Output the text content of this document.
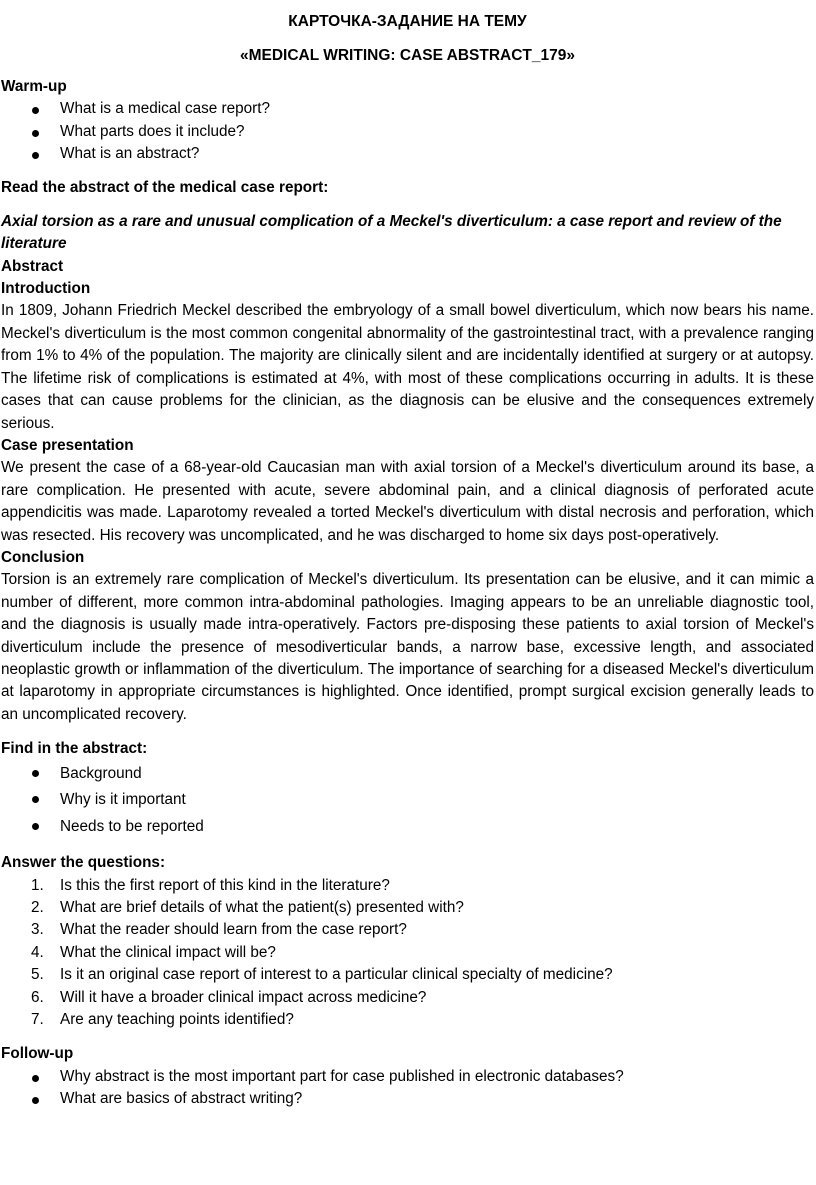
КАРТОЧКА-ЗАДАНИЕ НА ТЕМУ

«MEDICAL WRITING: CASE ABSTRACT_179»

Warm-up

What is a medical case report?
What parts does it include?
What is an abstract?

Read the abstract of the medical case report:

Axial torsion as a rare and unusual complication of a Meckel's diverticulum: a case report and review of the literature

Abstract

Introduction

In 1809, Johann Friedrich Meckel described the embryology of a small bowel diverticulum, which now bears his name. Meckel's diverticulum is the most common congenital abnormality of the gastrointestinal tract, with a prevalence ranging from 1% to 4% of the population. The majority are clinically silent and are incidentally identified at surgery or at autopsy. The lifetime risk of complications is estimated at 4%, with most of these complications occurring in adults. It is these cases that can cause problems for the clinician, as the diagnosis can be elusive and the consequences extremely serious.

Case presentation

We present the case of a 68-year-old Caucasian man with axial torsion of a Meckel's diverticulum around its base, a rare complication. He presented with acute, severe abdominal pain, and a clinical diagnosis of perforated acute appendicitis was made. Laparotomy revealed a torted Meckel's diverticulum with distal necrosis and perforation, which was resected. His recovery was uncomplicated, and he was discharged to home six days post-operatively.

Conclusion

Torsion is an extremely rare complication of Meckel's diverticulum. Its presentation can be elusive, and it can mimic a number of different, more common intra-abdominal pathologies. Imaging appears to be an unreliable diagnostic tool, and the diagnosis is usually made intra-operatively. Factors pre-disposing these patients to axial torsion of Meckel's diverticulum include the presence of mesodiverticular bands, a narrow base, excessive length, and associated neoplastic growth or inflammation of the diverticulum. The importance of searching for a diseased Meckel's diverticulum at laparotomy in appropriate circumstances is highlighted. Once identified, prompt surgical excision generally leads to an uncomplicated recovery.

Find in the abstract:

Background
Why is it important
Needs to be reported

Answer the questions:

1. Is this the first report of this kind in the literature?
2. What are brief details of what the patient(s) presented with?
3. What the reader should learn from the case report?
4. What the clinical impact will be?
5. Is it an original case report of interest to a particular clinical specialty of medicine?
6. Will it have a broader clinical impact across medicine?
7. Are any teaching points identified?

Follow-up

Why abstract is the most important part for case published in electronic databases?
What are basics of abstract writing?
